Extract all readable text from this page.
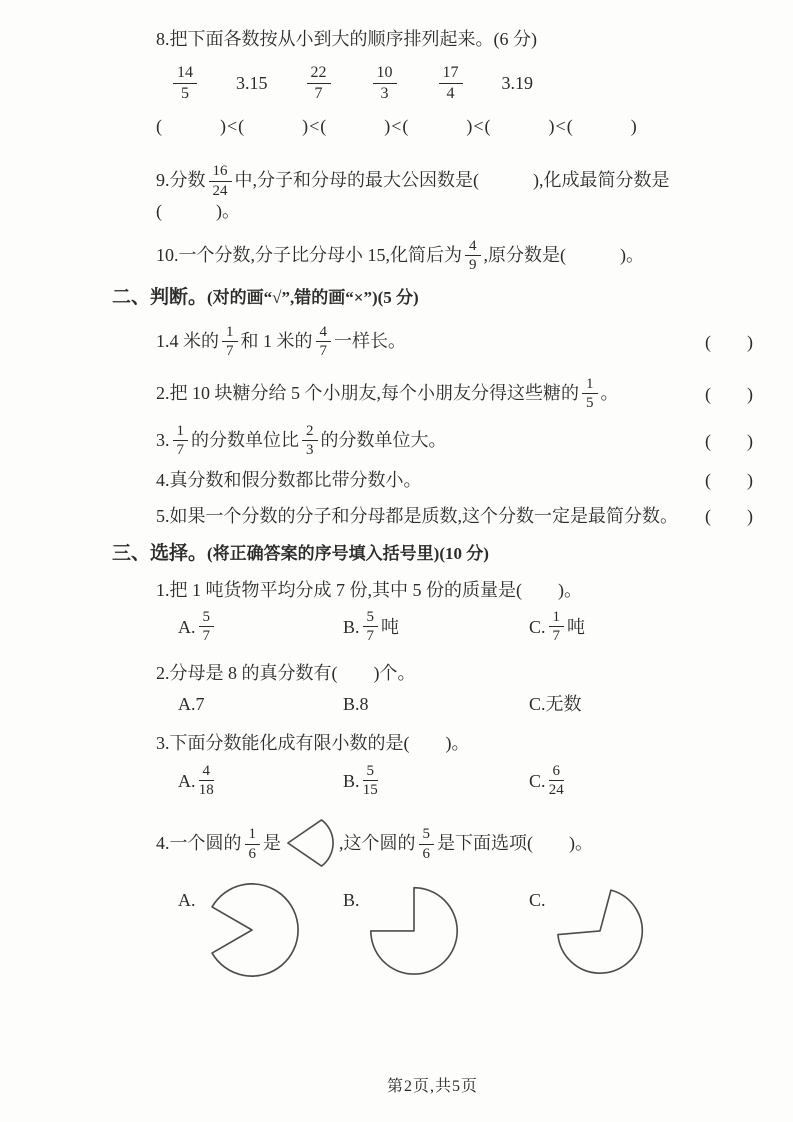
8.把下面各数按从小到大的顺序排列起来。(6 分)
$\frac{14}{5} 3.15 \frac{22}{7}$	$\frac{10}{3}$	$\frac{17}{4} 3.19$
(　　　)<(　　　)<(　　　)<(　　　)<(　　　)<(　　　)
9.分数 $\frac{16}{24}$ 中,分子和分母的最大公因数是(　　　),化成最简分数是(　　　)。
10.一个分数,分子比分母小 15,化简后为 $\frac{4}{9}$ ,原分数是(　　　)。
二、判断。(对的画“√”,错的画“×”)(5 分)
1.4 米的 $\frac{1}{7}$ 和 1 米的 $\frac{4}{7}$ 一样长。	(　　)
2.把 10 块糖分给 5 个小朋友,每个小朋友分得这些糖的 $\frac{1}{5}$ 。	(　　)
3. $\frac{1}{7}$ 的分数单位比 $\frac{2}{3}$ 的分数单位大。	(　　)
4.真分数和假分数都比带分数小。	(　　)
5.如果一个分数的分子和分母都是质数,这个分数一定是最简分数。	(　　)
三、选择。(将正确答案的序号填入括号里)(10 分)
1.把 1 吨货物平均分成 7 份,其中 5 份的质量是(　　)。
A. $\frac{5}{7}$	B. $\frac{5}{7}$ 吨	C. $\frac{1}{7}$ 吨
2.分母是 8 的真分数有(　　)个。
A.7	B.8	C.无数
3.下面分数能化成有限小数的是(　　)。
A. $\frac{4}{18}$	B. $\frac{5}{15}$	C. $\frac{6}{24}$
4.一个圆的 $\frac{1}{6}$ 是	,这个圆的 $\frac{5}{6}$ 是下面选项(　　)。
A.	B.	C.
第2页,共5页
